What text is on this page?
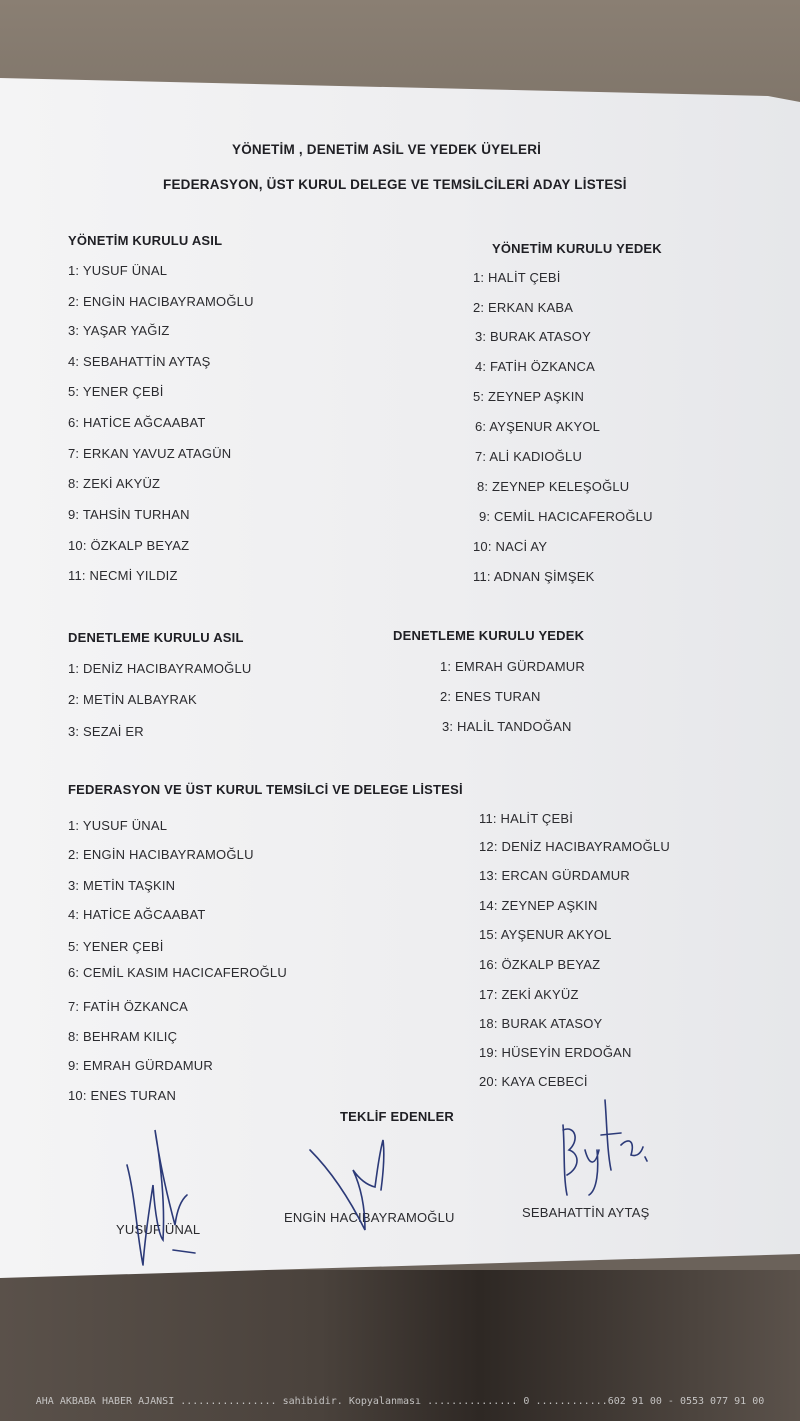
YÖNETİM , DENETİM ASİL VE YEDEK ÜYELERİ
FEDERASYON, ÜST KURUL DELEGE VE TEMSİLCİLERİ ADAY LİSTESİ
YÖNETİM KURULU ASIL
1: YUSUF ÜNAL
2: ENGİN HACIBAYRAMOĞLU
3: YAŞAR YAĞIZ
4: SEBAHATTİN AYTAŞ
5: YENER ÇEBİ
6: HATİCE AĞCAABAT
7: ERKAN YAVUZ ATAGÜN
8: ZEKİ AKYÜZ
9: TAHSİN TURHAN
10: ÖZKALP BEYAZ
11: NECMİ YILDIZ
YÖNETİM KURULU YEDEK
1: HALİT ÇEBİ
2: ERKAN KABA
3: BURAK ATASOY
4: FATİH ÖZKANCA
5: ZEYNEP AŞKIN
6: AYŞENUR AKYOL
7: ALİ KADIOĞLU
8: ZEYNEP KELEŞOĞLU
9: CEMİL HACICAFEROĞLU
10: NACİ AY
11: ADNAN ŞİMŞEK
DENETLEME KURULU ASIL
1: DENİZ HACIBAYRAMOĞLU
2: METİN ALBAYRAK
3: SEZAİ ER
DENETLEME KURULU YEDEK
1: EMRAH GÜRDAMUR
2: ENES TURAN
3: HALİL TANDOĞAN
FEDERASYON VE ÜST KURUL TEMSİLCİ VE DELEGE LİSTESİ
1: YUSUF ÜNAL
2: ENGİN HACIBAYRAMOĞLU
3: METİN TAŞKIN
4: HATİCE AĞCAABAT
5: YENER ÇEBİ
6: CEMİL KASIM HACICAFEROĞLU
7: FATİH ÖZKANCA
8: BEHRAM KILIÇ
9: EMRAH GÜRDAMUR
10: ENES TURAN
11: HALİT ÇEBİ
12: DENİZ HACIBAYRAMOĞLU
13: ERCAN GÜRDAMUR
14: ZEYNEP AŞKIN
15: AYŞENUR AKYOL
16: ÖZKALP BEYAZ
17: ZEKİ AKYÜZ
18: BURAK ATASOY
19: HÜSEYİN ERDOĞAN
20: KAYA CEBECİ
TEKLİF EDENLER
YUSUF ÜNAL
ENGİN HACIBAYRAMOĞLU	SEBAHATTİN AYTAŞ
AHA AKBABA HABER AJANSI ................ sahibidir. Kopyalanması ............... 0 ............602 91 00 - 0553 077 91 00
